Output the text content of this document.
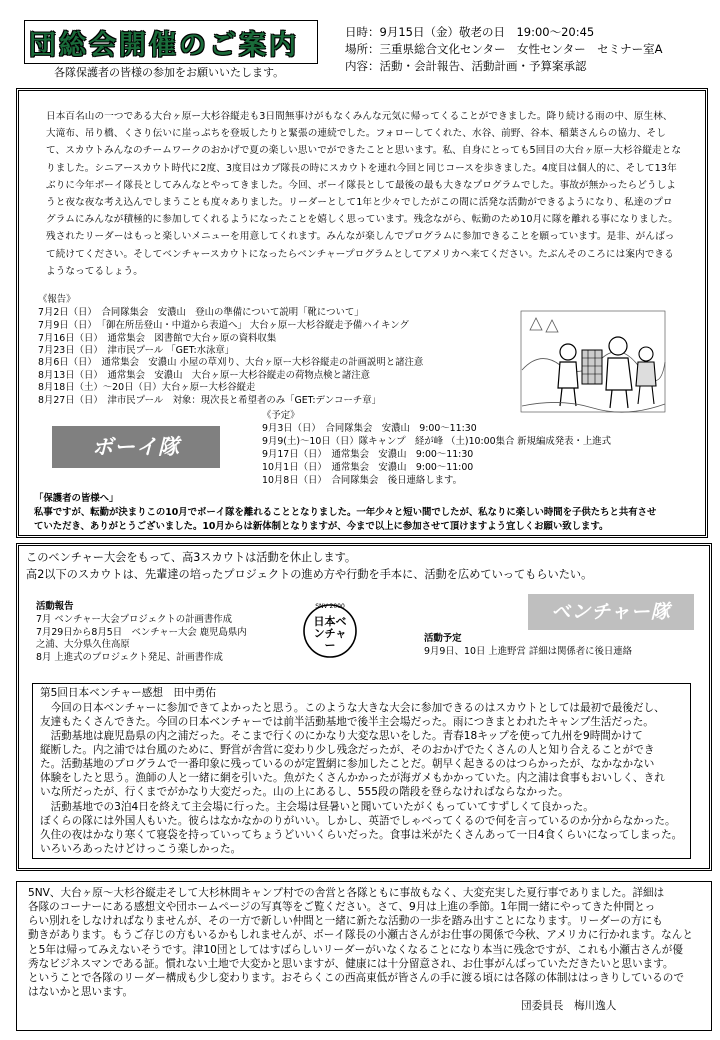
団総会開催のご案内
各隊保護者の皆様の参加をお願いいたします。
日時：9月15日（金）敬老の日　19:00～20:45
場所：三重県総合文化センター　女性センター　セミナー室A
内容：活動・会計報告、活動計画・予算案承認
日本百名山の一つである大台ヶ原ー大杉谷縦走も3日間無事けがもなくみんな元気に帰ってくることができました。降り続ける雨の中、原生林、大滝布、吊り橋、くさり伝いに崖っぷちを登坂したりと緊張の連続でした。フォローしてくれた、水谷、前野、谷本、稲葉さんらの協力、そして、スカウトみんなのチームワークのおかげで夏の楽しい思いでができたことと思います。私、自身にとっても5回目の大台ヶ原ー大杉谷縦走となりました。シニアースカウト時代に2度、3度目はカブ隊長の時にスカウトを連れ今回と同じコースを歩きました。4度目は個人的に、そして13年ぶりに今年ボーイ隊長としてみんなとやってきました。今回、ボーイ隊長として最後の最も大きなプログラムでした。事故が無かったらどうしようと夜な夜な考え込んでしまうことも度々ありました。リーダーとして1年と少々でしたがこの間に活発な活動ができるようになり、私達のプログラムにみんなが積極的に参加してくれるようになったことを嬉しく思っています。残念ながら、転勤のため10月に隊を離れる事になりました。残されたリーダーはもっと楽しいメニューを用意してくれます。みんなが楽しんでプログラムに参加できることを願っています。是非、がんばって続けてください。そしてベンチャースカウトになったらベンチャープログラムとしてアメリカへ来てください。たぶんそのころには案内できるようなってるしょう。
《報告》
7月2日（日）　合同隊集会　安濃山　登山の準備について説明「靴について」
7月9日（日）　「御在所岳登山・中道から表道へ」 大台ヶ原ー大杉谷縦走予備ハイキング
7月16日（日）　通常集会　図書館で大台ヶ原の資料収集
7月23日（日）　津市民プール 「GET:水泳章」
8月6日（日）　通常集会　安濃山 小屋の草刈り、大台ヶ原ー大杉谷縦走の計画説明と諸注意
8月13日（日）　通常集会　安濃山　大台ヶ原ー大杉谷縦走の荷物点検と諸注意
8月18日（土）～20日（日）大台ヶ原ー大杉谷縦走
8月27日（日）　津市民プール　対象：現次長と希望者のみ「GET:デンコーチ章」
ボーイ隊
《予定》
9月3日（日）　合同隊集会　安濃山　9:00～11:30
9月9(土)～10日（日）隊キャンプ　経が峰 （土)10:00集合 新規編成発表・上進式
9月17日（日）　通常集会　安濃山　9:00～11:30
10月1日（日）　通常集会　安濃山　9:00～11:00
10月8日（日）　合同隊集会　後日連絡します。
「保護者の皆様へ」
私事ですが、転勤が決まりこの10月でボーイ隊を離れることとなりました。一年少々と短い間でしたが、私なりに楽しい時間を子供たちと共有させ
ていただき、ありがとうございました。10月からは新体制となりますが、今まで以上に参加させて頂けますよう宜しくお願い致します。
このベンチャー大会をもって、高3スカウトは活動を休止します。
高2以下のスカウトは、先輩達の培ったプロジェクトの進め方や行動を手本に、活動を広めていってもらいたい。
活動報告
7月 ベンチャー大会プロジェクトの計画書作成
7月29日から8月5日　ベンチャー大会 鹿児島県内
之浦、大分県久住高原
8月 上進式のプロジェクト発足、計画書作成
SNV 2000
日本ベンチャー
ベンチャー隊
活動予定
9月9日、10日 上進野営 詳細は関係者に後日連絡
第5回日本ベンチャー感想　田中勇佑
　今回の日本ベンチャーに参加できてよかったと思う。このような大きな大会に参加できるのはスカウトとしては最初で最後だし、
友達もたくさんできた。今回の日本ベンチャーでは前半活動基地で後半主会場だった。雨につきまとわれたキャンプ生活だった。
　活動基地は鹿児島県の内之浦だった。そこまで行くのにかなり大変な思いをした。青春18キップを使って九州を9時間かけて
縦断した。内之浦では台風のために、野営が舎営に変わり少し残念だったが、そのおかげでたくさんの人と知り合えることができ
た。活動基地のプログラムで一番印象に残っているのが定置網に参加したことだ。朝早く起きるのはつらかったが、なかなかない
体験をしたと思う。漁師の人と一緒に網を引いた。魚がたくさんかかったが海ガメもかかっていた。内之浦は食事もおいしく、きれ
いな所だったが、行くまでがかなり大変だった。山の上にあるし、555段の階段を登らなければならなかった。
　活動基地での3泊4日を終えて主会場に行った。主会場は昼暑いと聞いていたがくもっていてすずしくて良かった。
ぼくらの隊には外国人もいた。彼らはなかなかのりがいい。しかし、英語でしゃべってくるので何を言っているのか分からなかった。
久住の夜はかなり寒くて寝袋を持っていってちょうどいいくらいだった。食事は米がたくさんあって一日4食くらいになってしまった。
いろいろあったけどけっこう楽しかった。
5NV、大台ヶ原～大杉谷縦走そして大杉林間キャンプ村での舎営と各隊ともに事故もなく、大変充実した夏行事でありました。詳細は
各隊のコーナーにある感想文や団ホームページの写真等をご覧ください。さて、9月は上進の季節。1年間一緒にやってきた仲間とっ
らい別れをしなければなりませんが、その一方で新しい仲間と一緒に新たな活動の一歩を踏み出すことになります。リーダーの方にも
動きがあります。もうご存じの方もいるかもしれませんが、ボーイ隊長の小瀬古さんがお仕事の関係で今秋、アメリカに行かれます。なんと
と5年は帰ってみえないそうです。津10団としてはすばらしいリーダーがいなくなることになり本当に残念ですが、これも小瀬古さんが優
秀なビジネスマンである証。慣れない土地で大変かと思いますが、健康には十分留意され、お仕事がんばっていただきたいと思います。
ということで各隊のリーダー構成も少し変わります。おそらくこの西高東低が皆さんの手に渡る頃には各隊の体制ははっきりしているので
はないかと思います。
団委員長　梅川逸人
